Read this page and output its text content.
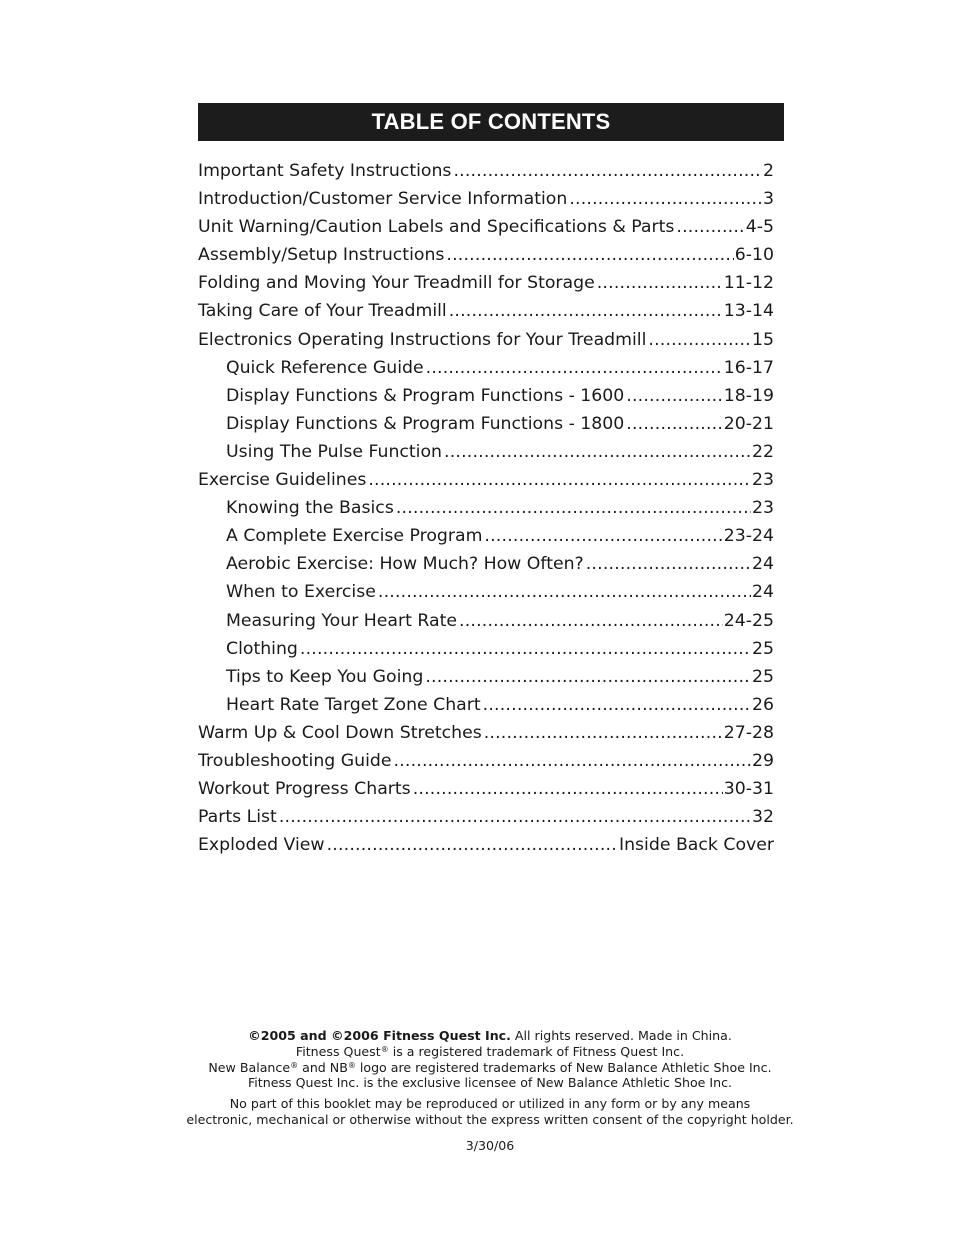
TABLE OF CONTENTS
Important Safety Instructions .....	2
Introduction/Customer Service Information .....	3
Unit Warning/Caution Labels and Specifications & Parts .....	4-5
Assembly/Setup Instructions .....	6-10
Folding and Moving Your Treadmill for Storage .....	11-12
Taking Care of Your Treadmill .....	13-14
Electronics Operating Instructions for Your Treadmill .....	15
Quick Reference Guide .....	16-17
Display Functions & Program Functions - 1600 .....	18-19
Display Functions & Program Functions - 1800 .....	20-21
Using The Pulse Function .....	22
Exercise Guidelines .....	23
Knowing the Basics .....	23
A Complete Exercise Program .....	23-24
Aerobic Exercise: How Much? How Often? .....	24
When to Exercise .....	24
Measuring Your Heart Rate .....	24-25
Clothing .....	25
Tips to Keep You Going .....	25
Heart Rate Target Zone Chart .....	26
Warm Up & Cool Down Stretches .....	27-28
Troubleshooting Guide .....	29
Workout Progress Charts .....	30-31
Parts List .....	32
Exploded View .....	Inside Back Cover

©2005 and ©2006 Fitness Quest Inc. All rights reserved. Made in China.

Fitness Quest® is a registered trademark of Fitness Quest Inc.

New Balance® and NB® logo are registered trademarks of New Balance Athletic Shoe Inc.

Fitness Quest Inc. is the exclusive licensee of New Balance Athletic Shoe Inc.

No part of this booklet may be reproduced or utilized in any form or by any means

electronic, mechanical or otherwise without the express written consent of the copyright holder.

3/30/06
